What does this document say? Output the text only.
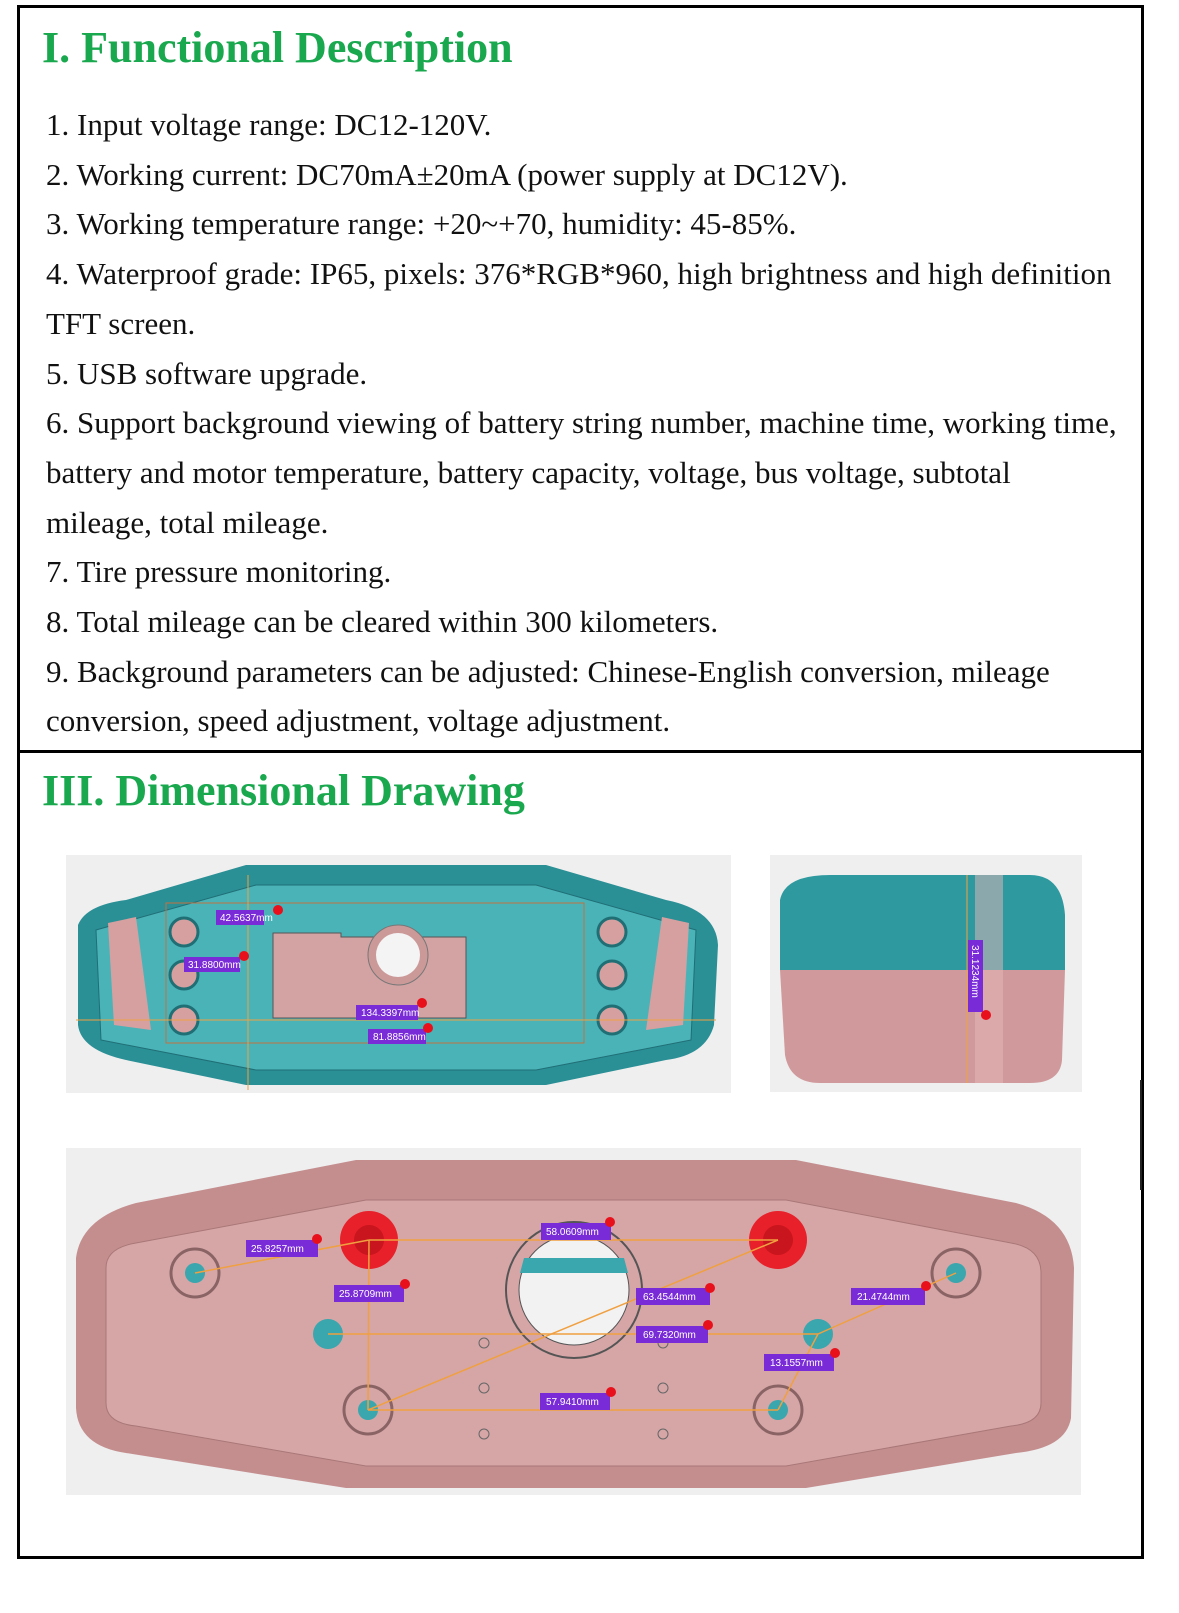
I. Functional Description

1. Input voltage range: DC12-120V.

2. Working current: DC70mA±20mA (power supply at DC12V).

3. Working temperature range: +20~+70, humidity: 45-85%.

4. Waterproof grade: IP65, pixels: 376*RGB*960, high brightness and high definition TFT screen.

5. USB software upgrade.

6. Support background viewing of battery string number, machine time, working time, battery and motor temperature, battery capacity, voltage, bus voltage, subtotal mileage, total mileage.

7. Tire pressure monitoring.

8. Total mileage can be cleared within 300 kilometers.

9. Background parameters can be adjusted: Chinese-English conversion, mileage conversion, speed adjustment, voltage adjustment.

III. Dimensional Drawing
42.5637mm
31.8800mm
134.3397mm
81.8856mm
31.1234mm
25.8257mm
58.0609mm
25.8709mm	63.4544mm	21.4744mm
69.7320mm
13.1557mm
57.9410mm
